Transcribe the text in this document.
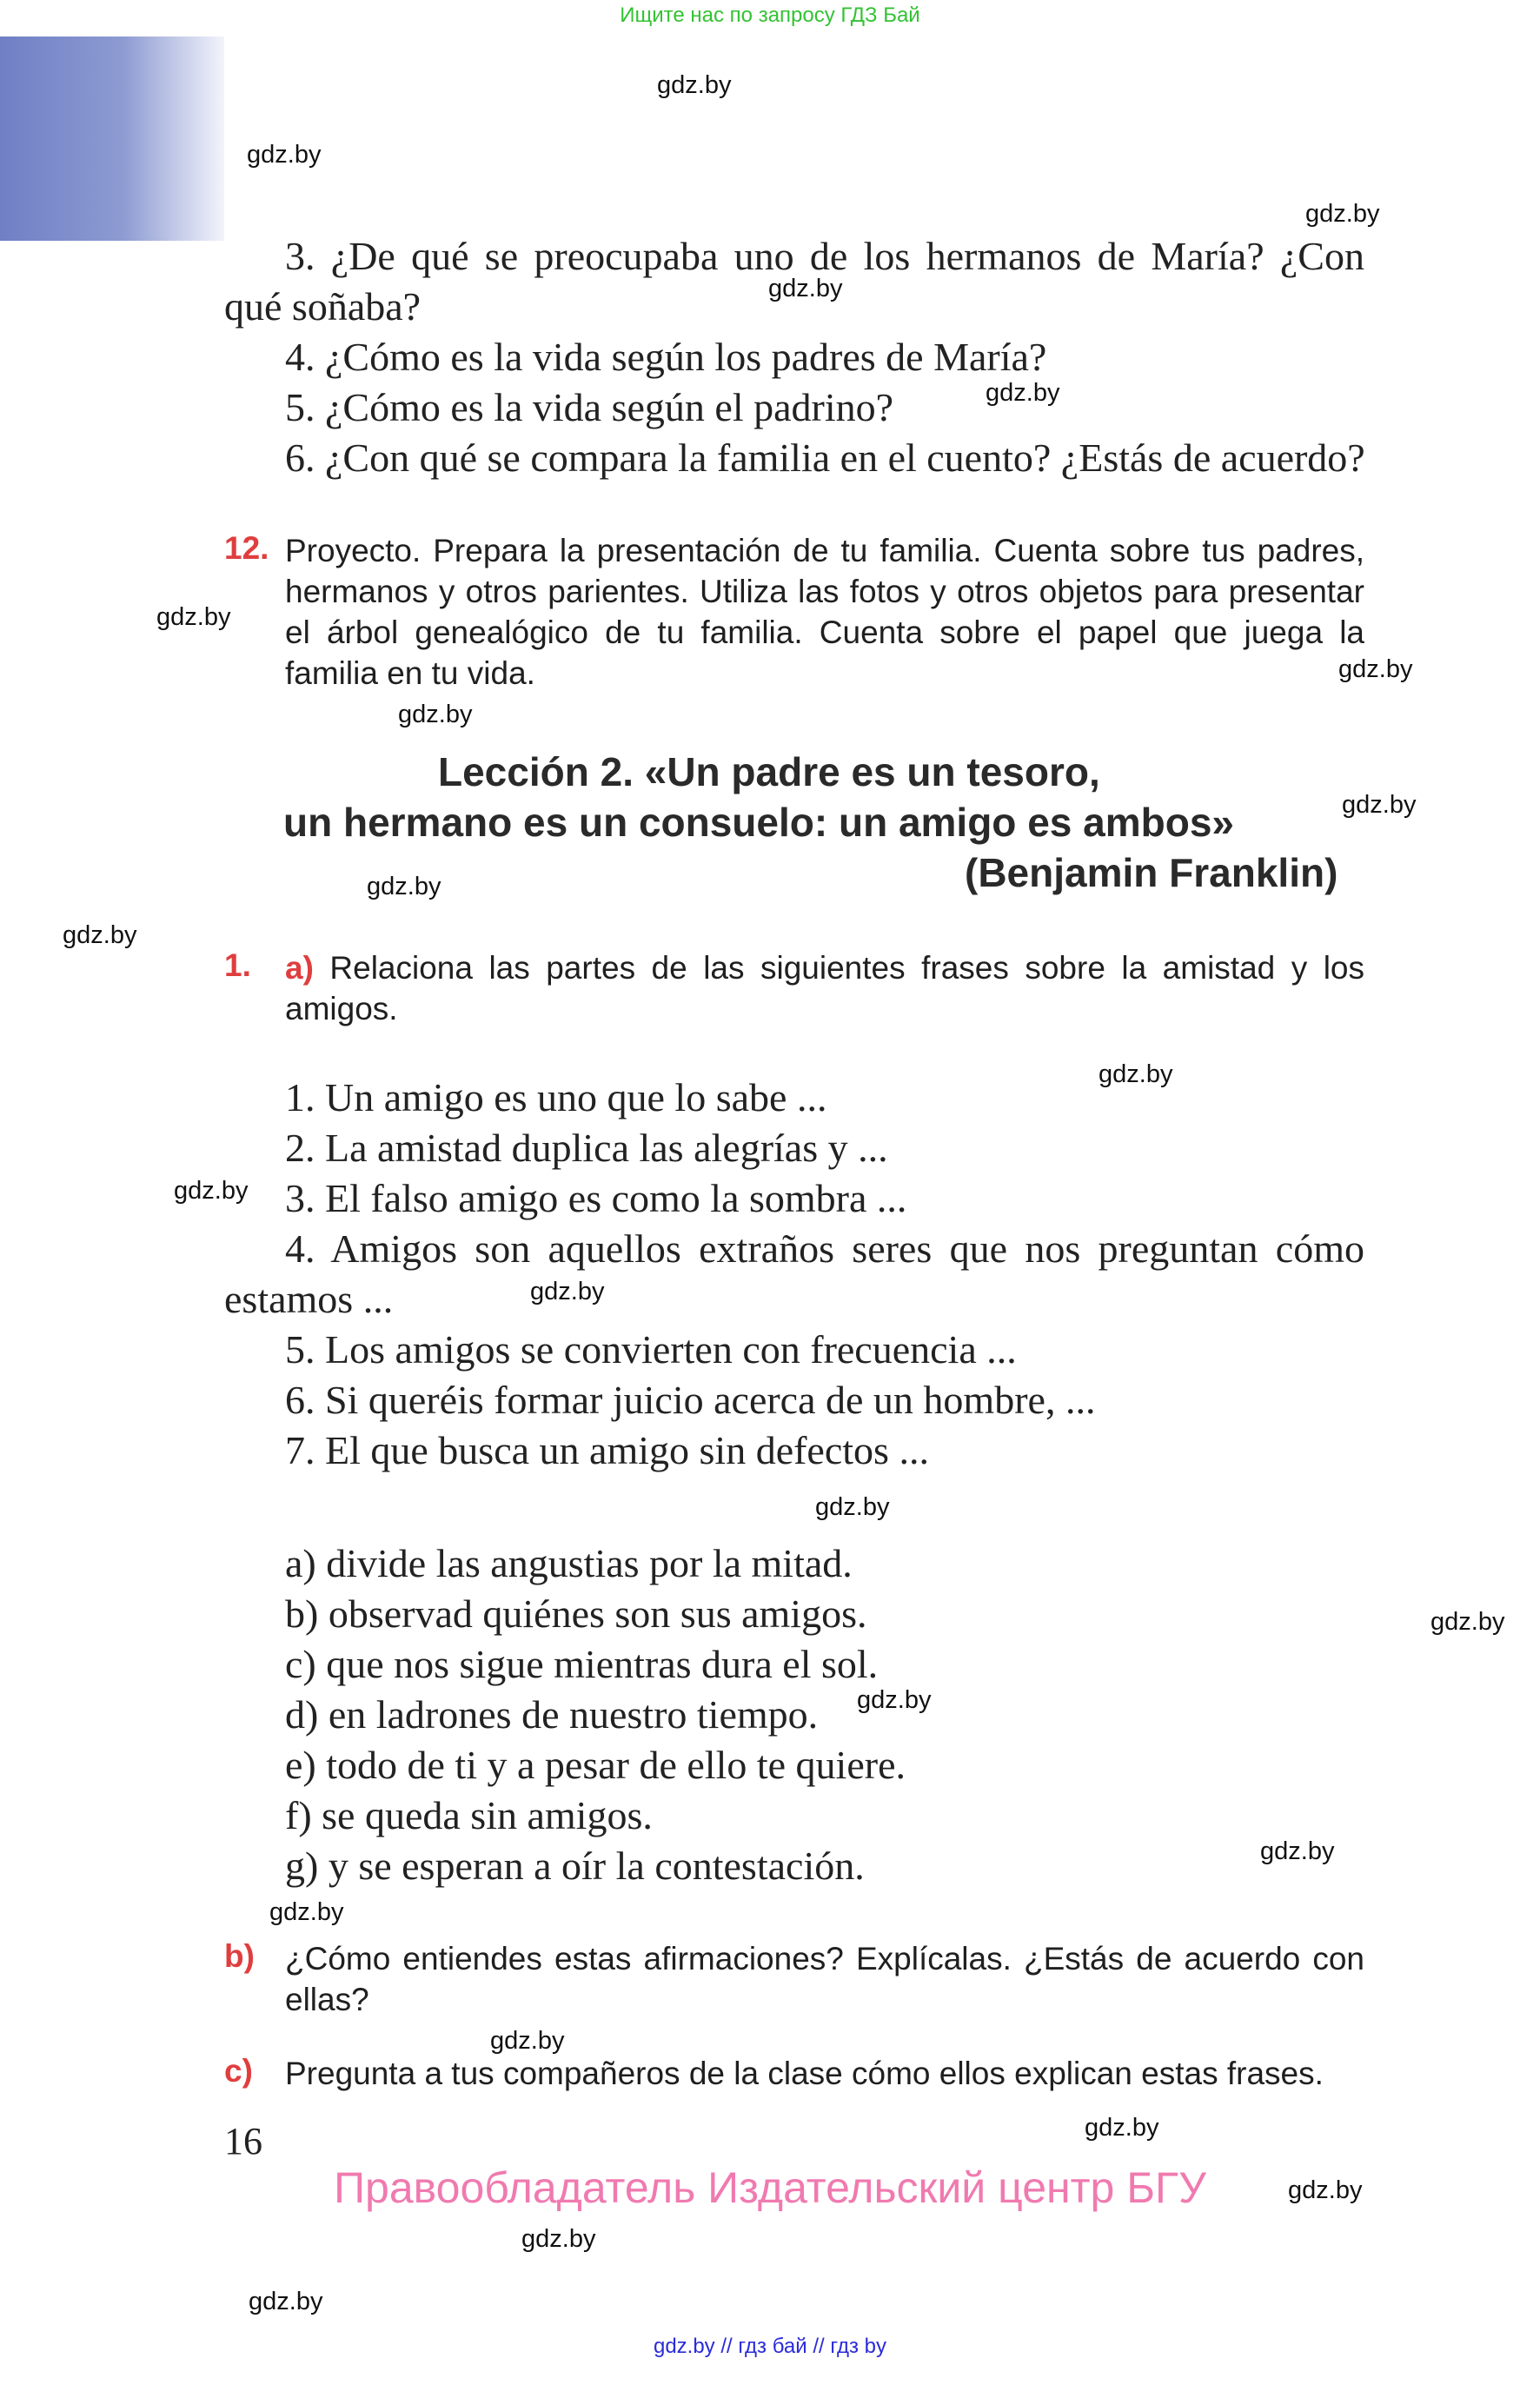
Ищите нас по запросу ГДЗ Бай
3. ¿De qué se preocupaba uno de los hermanos de María? ¿Con qué soñaba?
4. ¿Cómo es la vida según los padres de María?
5. ¿Cómo es la vida según el padrino?
6. ¿Con qué se compara la familia en el cuento? ¿Estás de acuerdo?
12. Proyecto. Prepara la presentación de tu familia. Cuenta sobre tus padres, hermanos y otros parientes. Utiliza las fotos y otros objetos para presentar el árbol genealógico de tu familia. Cuenta sobre el papel que juega la familia en tu vida.
Lección 2. «Un padre es un tesoro,
un hermano es un consuelo: un amigo es ambos»
(Benjamin Franklin)
1. a) Relaciona las partes de las siguientes frases sobre la amistad y los amigos.
1. Un amigo es uno que lo sabe ...
2. La amistad duplica las alegrías y ...
3. El falso amigo es como la sombra ...
4. Amigos son aquellos extraños seres que nos preguntan cómo estamos ...
5. Los amigos se convierten con frecuencia ...
6. Si queréis formar juicio acerca de un hombre, ...
7. El que busca un amigo sin defectos ...
a) divide las angustias por la mitad.
b) observad quiénes son sus amigos.
c) que nos sigue mientras dura el sol.
d) en ladrones de nuestro tiempo.
e) todo de ti y a pesar de ello te quiere.
f) se queda sin amigos.
g) y se esperan a oír la contestación.
b) ¿Cómo entiendes estas afirmaciones? Explícalas. ¿Estás de acuerdo con ellas?
c) Pregunta a tus compañeros de la clase cómo ellos explican estas frases.
16
Правообладатель Издательский центр БГУ
gdz.by
gdz.by
gdz.by
gdz.by
gdz.by
gdz.by
gdz.by
gdz.by
gdz.by
gdz.by
gdz.by
gdz.by
gdz.by
gdz.by
gdz.by
gdz.by
gdz.by
gdz.by
gdz.by
gdz.by
gdz.by
gdz.by
gdz.by
gdz.by
gdz.by // гдз бай // гдз by
